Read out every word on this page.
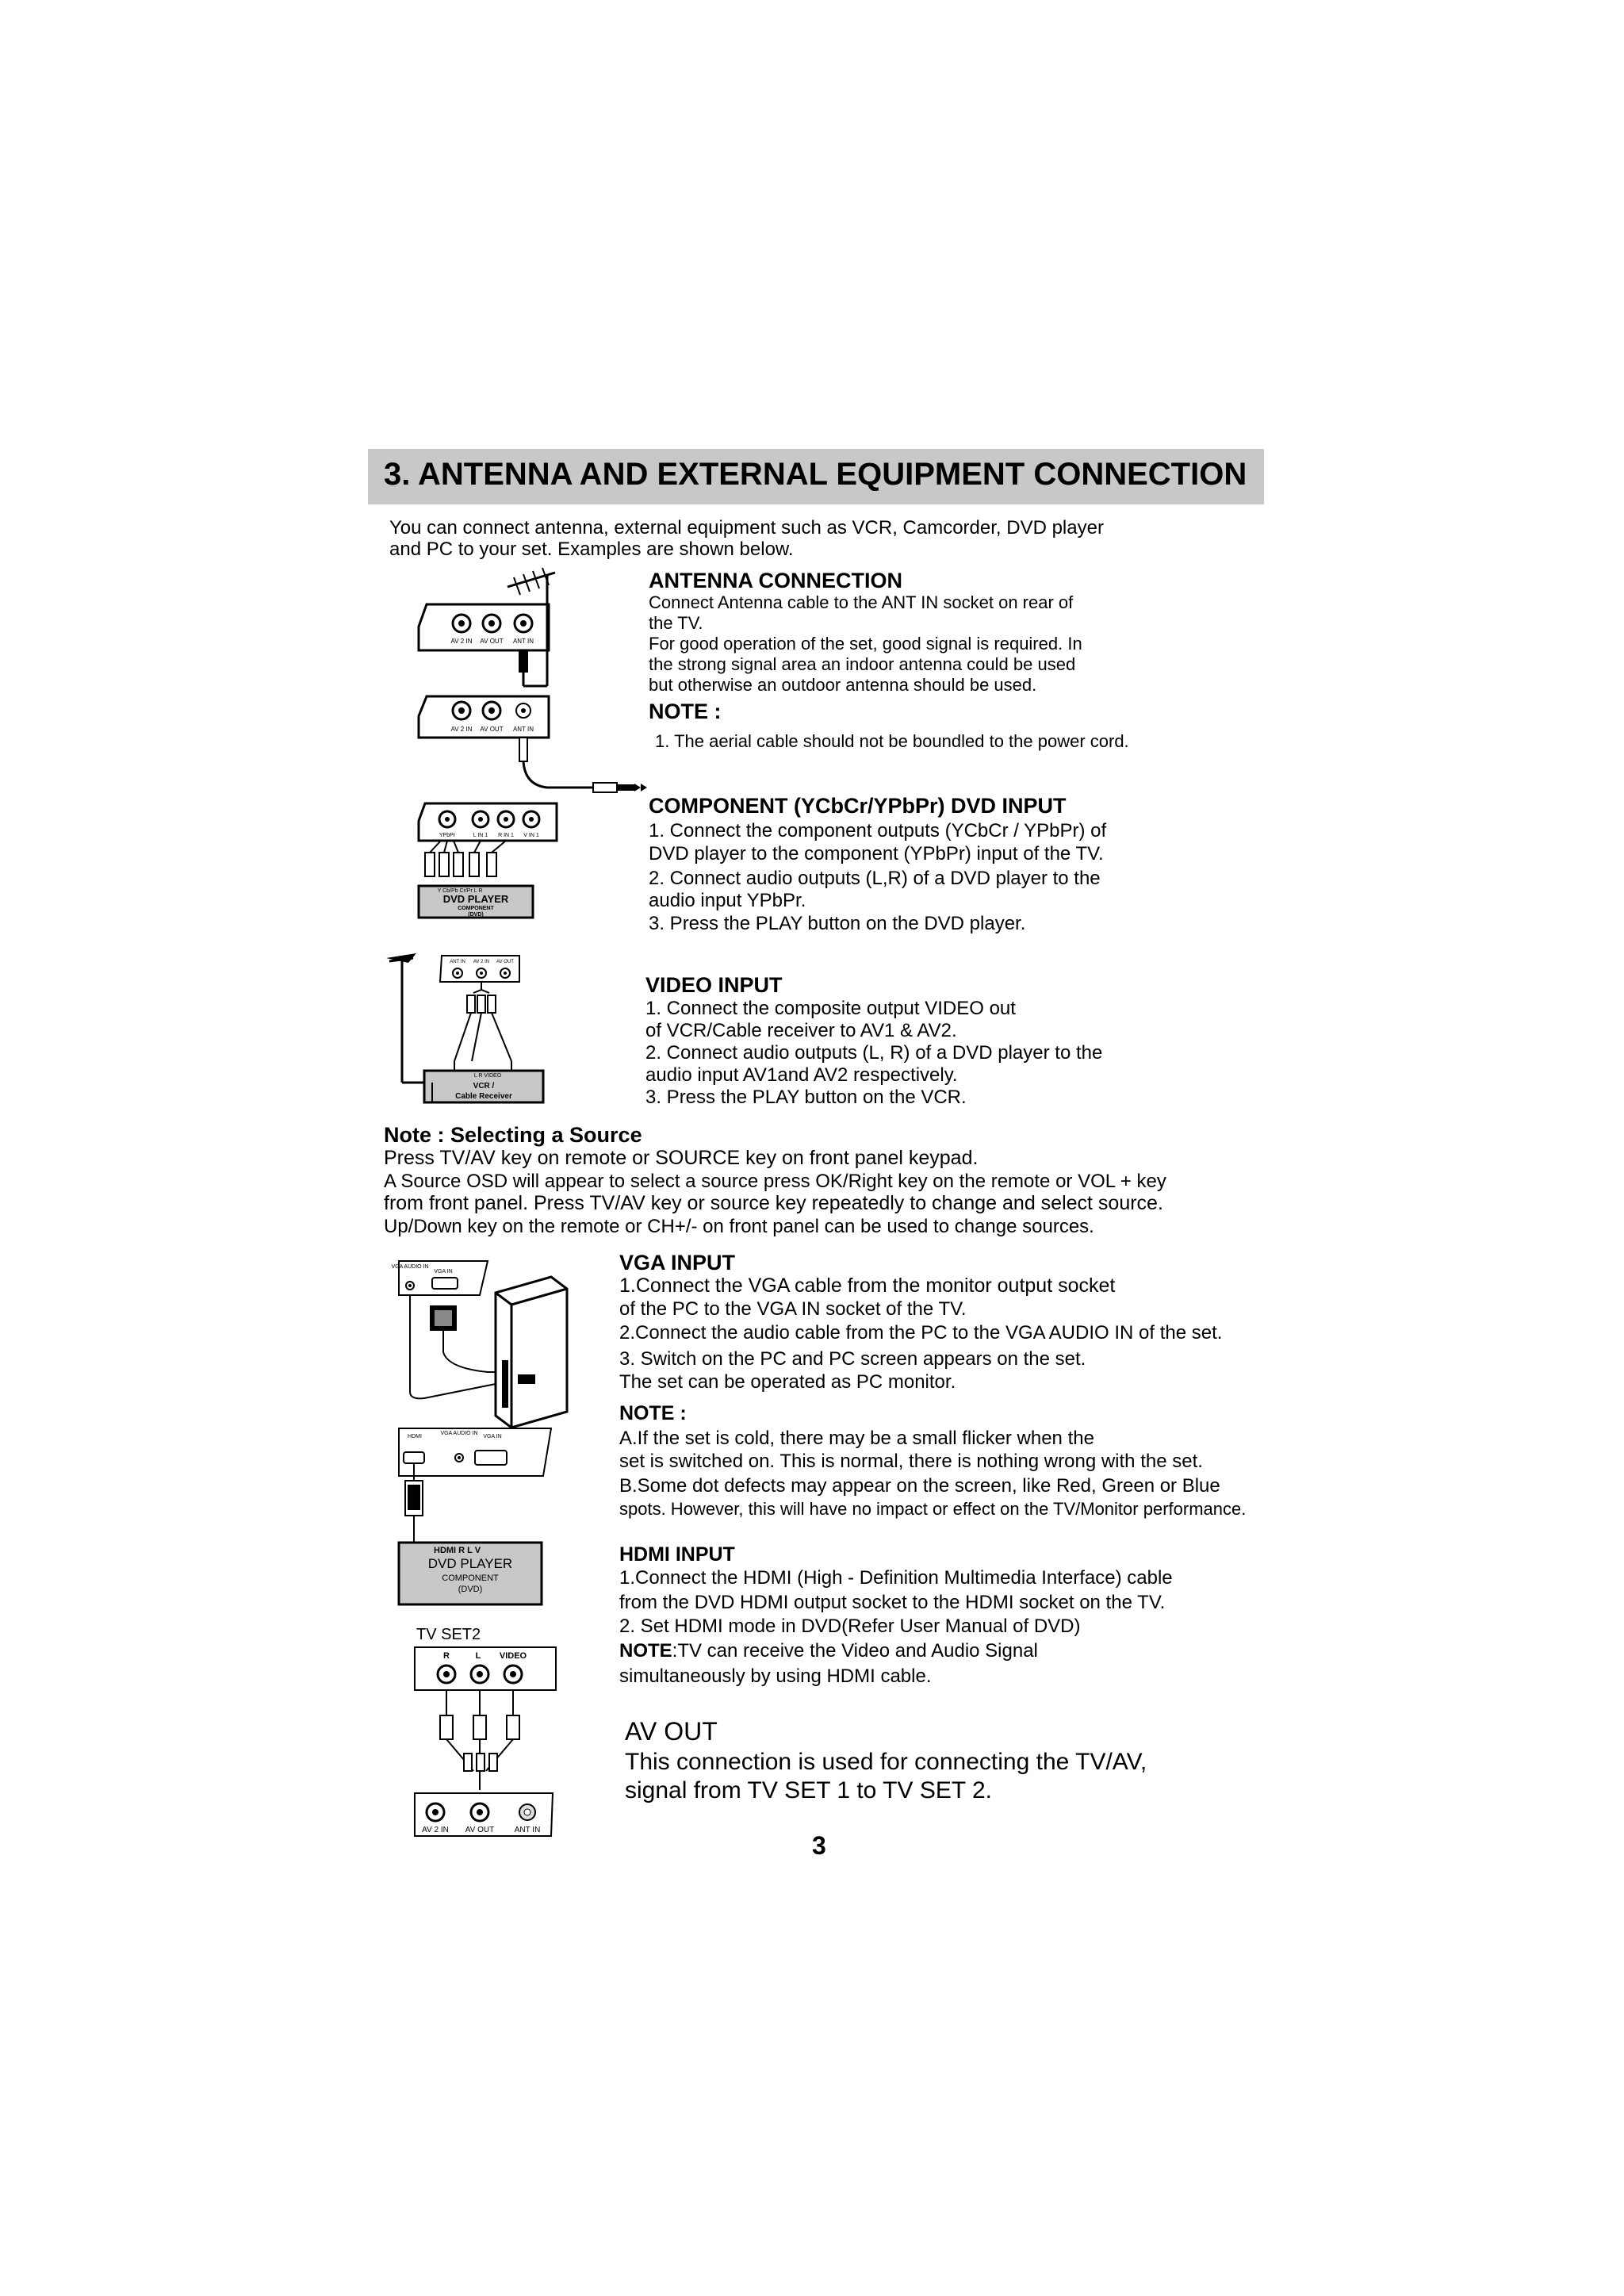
3. ANTENNA AND EXTERNAL EQUIPMENT CONNECTION
You can connect antenna, external equipment such as VCR, Camcorder, DVD player
and PC to your set. Examples are shown below.
ANTENNA CONNECTION
Connect Antenna cable to the ANT IN socket on rear of
the TV.
For good operation of the set, good signal is required. In
the strong signal area an indoor antenna could be used
but otherwise an outdoor antenna should be used.
NOTE :
1. The aerial cable should not be boundled to the power cord.
COMPONENT (YCbCr/YPbPr) DVD INPUT
1. Connect the component outputs (YCbCr / YPbPr) of
DVD player to the component (YPbPr) input of the TV.
2. Connect audio outputs (L,R) of a DVD player to the
audio input YPbPr.
3. Press the PLAY button on the DVD player.
VIDEO INPUT
1. Connect the composite output VIDEO out
of VCR/Cable receiver to AV1 & AV2.
2. Connect audio outputs (L, R) of a DVD player to the
audio input AV1and AV2 respectively.
3. Press the PLAY button on the VCR.
Note : Selecting a Source
Press TV/AV key on remote or SOURCE key on front panel keypad.
A Source OSD will appear to select a source press OK/Right key on the remote or VOL + key
from front panel. Press TV/AV key or source key repeatedly to change and select source.
Up/Down key on the remote or CH+/- on front panel can be used to change sources.
VGA INPUT
1.Connect the VGA cable from the monitor output socket
of the PC to the VGA IN socket of the TV.
2.Connect the audio cable from the PC to the VGA AUDIO IN of the set.
3. Switch on the PC and PC screen appears on the set.
The set can be operated as PC monitor.
NOTE :
A.If the set is cold, there may be a small flicker when the
set is switched on. This is normal, there is nothing wrong with the set.
B.Some dot defects may appear on the screen, like Red, Green or Blue
spots. However, this will have no impact or effect on the TV/Monitor performance.
HDMI INPUT
1.Connect the HDMI (High - Definition Multimedia Interface) cable
from the DVD HDMI output socket to the HDMI socket on the TV.
2. Set HDMI mode in DVD(Refer User Manual of DVD)
NOTE:TV can receive the Video and Audio Signal
simultaneously by using HDMI cable.
AV OUT
This connection is used for connecting the TV/AV,
signal from TV SET 1 to TV SET 2.
3
AV 2 IN AV OUT ANT IN
AV 2 IN AV OUT ANT IN
YPbPr	L IN 1 R IN 1 V IN 1
Y Cb/Pb Cr/Pr L R
DVD PLAYER
COMPONENT
(DVD)
ANT IN AV 2 IN AV OUT
L R VIDEO
VCR /
Cable Receiver
VGA AUDIO IN
VGA IN
HDMI
VGA AUDIO IN
VGA IN
HDMI R L V
DVD PLAYER
COMPONENT
(DVD)
TV SET2
R	L VIDEO
AV 2 IN AV OUT	ANT IN
